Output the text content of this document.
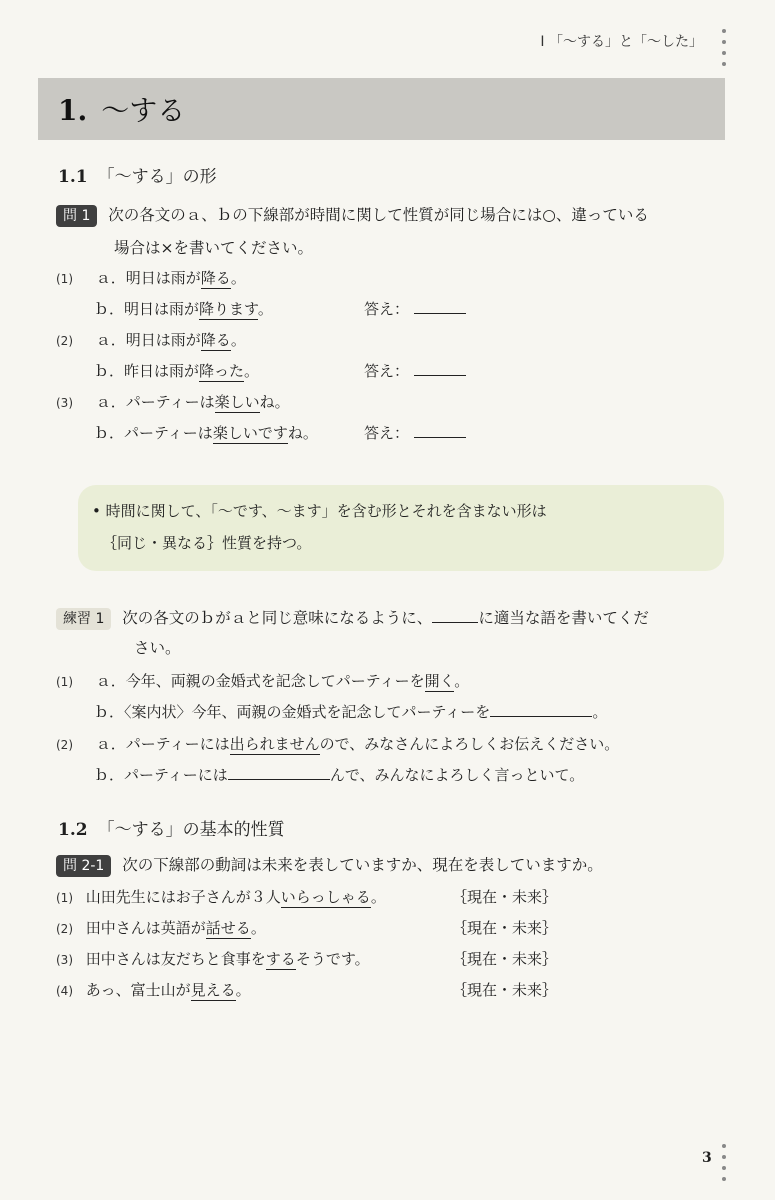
I 「～する」と「～した」
1. ～する
1.1 「～する」の形
問 1 次の各文のａ、ｂの下線部が時間に関して性質が同じ場合には○、違っている
場合は×を書いてください。
(1) ａ．明日は雨が降る。
ｂ．明日は雨が降ります。	答え：
(2) ａ．明日は雨が降る。
ｂ．昨日は雨が降った。	答え：
(3) ａ．パーティーは楽しいね。
ｂ．パーティーは楽しいですね。	答え：
• 時間に関して、「～です、～ます」を含む形とそれを含まない形は
｛同じ・異なる｝性質を持つ。
練習 1 次の各文のｂがａと同じ意味になるように、	に適当な語を書いてくだ
さい。
(1) ａ．今年、両親の金婚式を記念してパーティーを開く。
ｂ．〈案内状〉今年、両親の金婚式を記念してパーティーを	。
(2) ａ．パーティーには出られませんので、みなさんによろしくお伝えください。
ｂ．パーティーには	んで、みんなによろしく言っといて。
1.2 「～する」の基本的性質
問 2-1 次の下線部の動詞は未来を表していますか、現在を表していますか。
(1) 山田先生にはお子さんが３人いらっしゃる。	｛現在・未来｝
(2) 田中さんは英語が話せる。	｛現在・未来｝
(3) 田中さんは友だちと食事をするそうです。	｛現在・未来｝
(4) あっ、富士山が見える。	｛現在・未来｝
3
